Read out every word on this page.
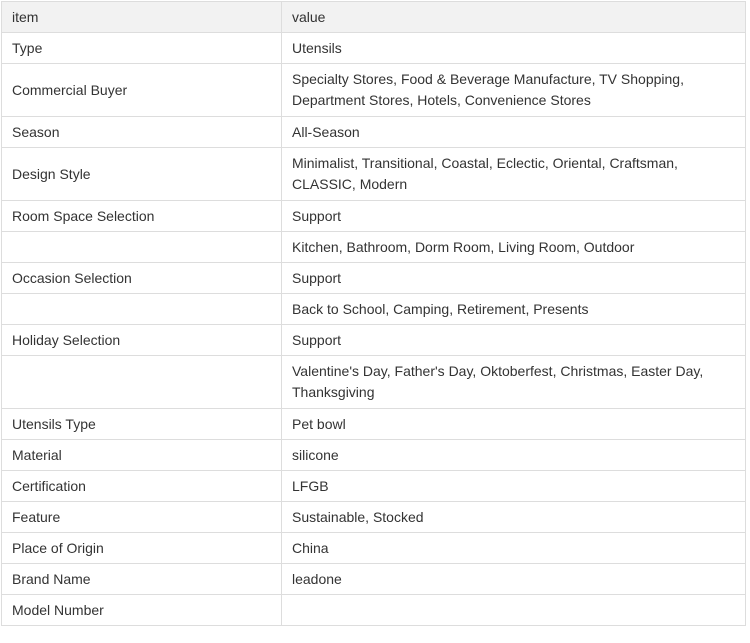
item	value
Type	Utensils
Commercial Buyer	Specialty Stores, Food & Beverage Manufacture, TV Shopping, Department Stores, Hotels, Convenience Stores
Season	All-Season
Design Style	Minimalist, Transitional, Coastal, Eclectic, Oriental, Craftsman, CLASSIC, Modern
Room Space Selection	Support
	Kitchen, Bathroom, Dorm Room, Living Room, Outdoor
Occasion Selection	Support
	Back to School, Camping, Retirement, Presents
Holiday Selection	Support
	Valentine's Day, Father's Day, Oktoberfest, Christmas, Easter Day, Thanksgiving
Utensils Type	Pet bowl
Material	silicone
Certification	LFGB
Feature	Sustainable, Stocked
Place of Origin	China
Brand Name	leadone
Model Number	
